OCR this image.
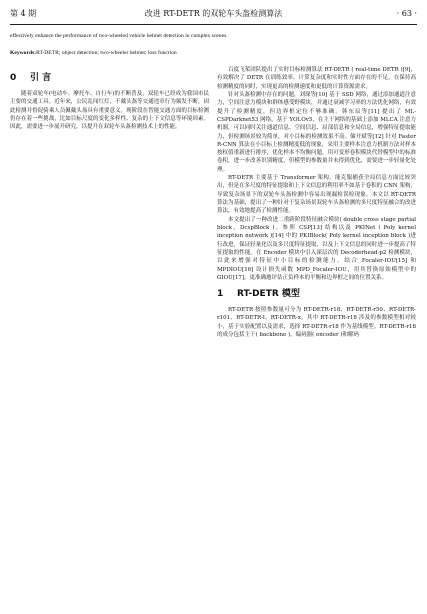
第 4 期	改进 RT-DETR 的双轮车头盔检测算法	· 63 ·
effectively enhance the performance of two-wheeled vehicle helmet detection in complex scenes.
Keywords:RT-DETR; object detection; two-wheeler helmet; loss function
0 引 言

随着双轮车(电动车、摩托车、自行车)的不断普及，双轮车已经成为我国市民主要的交通工具。近年来，公民乱闯红灯，不戴头盔等交通违章行为频发不断，因此检测并督促骑乘人员佩戴头盔具有重要意义。现阶段在智能交通方面的目标检测仍存在着一些挑战，比如目标尺度的变化多样性、复杂的上下文信息等环境因素。因此，需要进一步展开研究，以提升在双轮车头盔检测技术上的性能。

百度飞桨团队提出了实时目标检测算法 RT-DETR ( real-time DETR )[9]，有效解决了 DETR 在训练效率、计算复杂度和实时性方面存在的不足，在保持高检测精度的同时，实现更高的检测速度和更低的计算资源需求。

针对头盔检测中存在的问题，刘琛等[10] 基于 SSD 网络，通过添加通道注意力，空间注意力模块和群体感受野模块，并通过衰减学习率的方法优化网络，有效提升了检测精度，但边界框定位不够准确。韩东辰等[11] 提出了 ML-CSPDarknet53 网络，基于 YOLOv5，在主干网络的基础上添加 MLCA 注意力机制，可以同时关注通道信息、空间信息、局部信息和全局信息，增强特征提取能力，但检测场景较为简单，对小目标的检测效果不高。储开斌等[12] 针对 Faster R-CNN 算法在小目标上检测精度低的现象，采用主要样本注意力机制方法对样本按权值重新进行排序，优化样本不均衡问题，用可变形卷积模块代替模型中的标准卷积，进一步改善识别精度，但模型的参数量并未得到优化，需要进一步轻量化处理。

RT-DETR 主要基于 Transformer 架构，能克服捕获全局信息方面比较突出，但是在多尺度的特征提取和上下文信息的利用率不如基于卷积的 CNN 架构，导致复杂场景下的双轮车头盔检测中容易出现漏检误检现象。本文以 RT-DETR 算法为基础，提出了一种针对于复杂场景双轮车头盔检测的多尺度特征融合的改进算法，有效地提高了检测性能。

本文提出了一种改进二重跨阶段特征融合模块( double cross stage partial block，DcspBlock )。参照 CSP[13] 结构以及 PKINet ( Poly kernel inception network )[14] 中的 PKIBlock( Poly kernel inception block )进行改进，保证轻量化以及多尺度特征提取，以及上下文信息的同时进一步提高了特征提取的性能。在 Encoder 模块中引入深层次的 Decoderhead-p2 检测模块，以此来增强对特征中小目标的检测能力。结合 Focaler-IOU[15] 和 MPDIOU[16] 设计损失函数 MPD_Focaler-IOU，用其替换原始模型中的 GIOU[17]。更准确地评估正负样本的平衡和边界框之间的位置关系。

1 RT-DETR 模型

RT-DETR 按照参数量可分为 RT-DETR-r18、RT-DETR-r50、RT-DETR-r101、RT-DETR-l、RT-DETR-x。其中 RT-DETR-r18 涉及的参数模型相对较小，基于实验配置以及需求，选择 RT-DETR-r18 作为基线模型。RT-DETR-r18 的成分包括主干( backbone )，编码器( encoder )和解码
